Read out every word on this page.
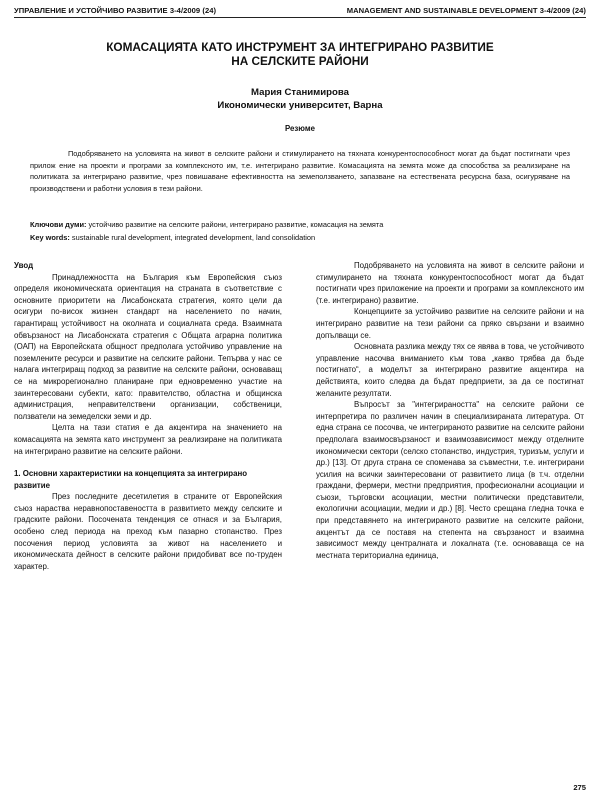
УПРАВЛЕНИЕ И УСТОЙЧИВО РАЗВИТИЕ 3-4/2009 (24)	MANAGEMENT AND SUSTAINABLE DEVELOPMENT 3-4/2009 (24)
КОМАСАЦИЯТА КАТО ИНСТРУМЕНТ ЗА ИНТЕГРИРАНО РАЗВИТИЕ
НА СЕЛСКИТЕ РАЙОНИ
Мария Станимирова
Икономически университет, Варна
Резюме

Подобряването на условията на живот в селските райони и стимулирането на тяхната конкурентоспособност могат да бъдат постигнати чрез прилож ение на проекти и програми за комплексното им, т.е. интегрирано развитие. Комасацията на земята може да способства за реализиране на политиката за интегрирано развитие, чрез повишаване ефективността на земеползването, запазване на естествената ресурсна база, осигуряване на производствени и работни условия в тези райони.

Ключови думи: устойчиво развитие на селските райони, интегрирано развитие, комасация на земята

Key words: sustainable rural development, integrated development, land consolidation

Увод

Принадлежността на България към Европейския съюз определя икономическата ориентация на страната в съответствие с основните приоритети на Лисабонската стратегия, която цели да осигури по-висок жизнен стандарт на населението по начин, гарантиращ устойчивост на околната и социалната среда. Взаимната обвързаност на Лисабонската стратегия с Общата аграрна политика (ОАП) на Европейската общност предполага устойчиво управление на поземлените ресурси и развитие на селските райони. Тепърва у нас се налага интегриращ подход за развитие на селските райони, основаващ се на микрорегионално планиране при едновременно участие на заинтересовани субекти, като: правителство, областна и общинска администрация, неправителствени организации, собственици, ползватели на земеделски земи и др.

Целта на тази статия е да акцентира на значението на комасацията на земята като инструмент за реализиране на политиката на интегрирано развитие на селските райони.

1. Основни характеристики на концепцията за интегрирано развитие

През последните десетилетия в страните от Европейския съюз нараства неравнопоставеността в развитието между селските и градските райони. Посочената тенденция се отнася и за България, особено след периода на преход към пазарно стопанство. През посочения период условията за живот на населението и икономическата дейност в селските райони придобиват все по-труден характер.

Подобряването на условията на живот в селските райони и стимулирането на тяхната конкурентоспособност могат да бъдат постигнати чрез приложение на проекти и програми за комплексното им (т.е. интегрирано) развитие.

Концепциите за устойчиво развитие на селските райони и на интегрирано развитие на тези райони са пряко свързани и взаимно допълващи се.

Основната разлика между тях се явява в това, че устойчивото управление насочва вниманието към това „какво трябва да бъде постигнато“, а моделът за интегрирано развитие акцентира на действията, които следва да бъдат предприети, за да се постигнат желаните резултати.

Въпросът за "интегрираността" на селските райони се интерпретира по различен начин в специализираната литература. От една страна се посочва, че интегрираното развитие на селските райони предполага взаимосвързаност и взаимозависимост между отделните икономически сектори (селско стопанство, индустрия, туризъм, услуги и др.) [13]. От друга страна се споменава за съвместни, т.е. интегрирани усилия на всички заинтересовани от развитието лица (в т.ч. отделни граждани, фермери, местни предприятия, професионални асоциации и съюзи, търговски асоциации, местни политически представители, екологични асоциации, медии и др.) [8]. Често срещана гледна точка е при представянето на интегрираното развитие на селските райони, акцентът да се поставя на степента на свързаност и взаимна зависимост между централната и локалната (т.е. основаваща се на местната териториална единица,

275
